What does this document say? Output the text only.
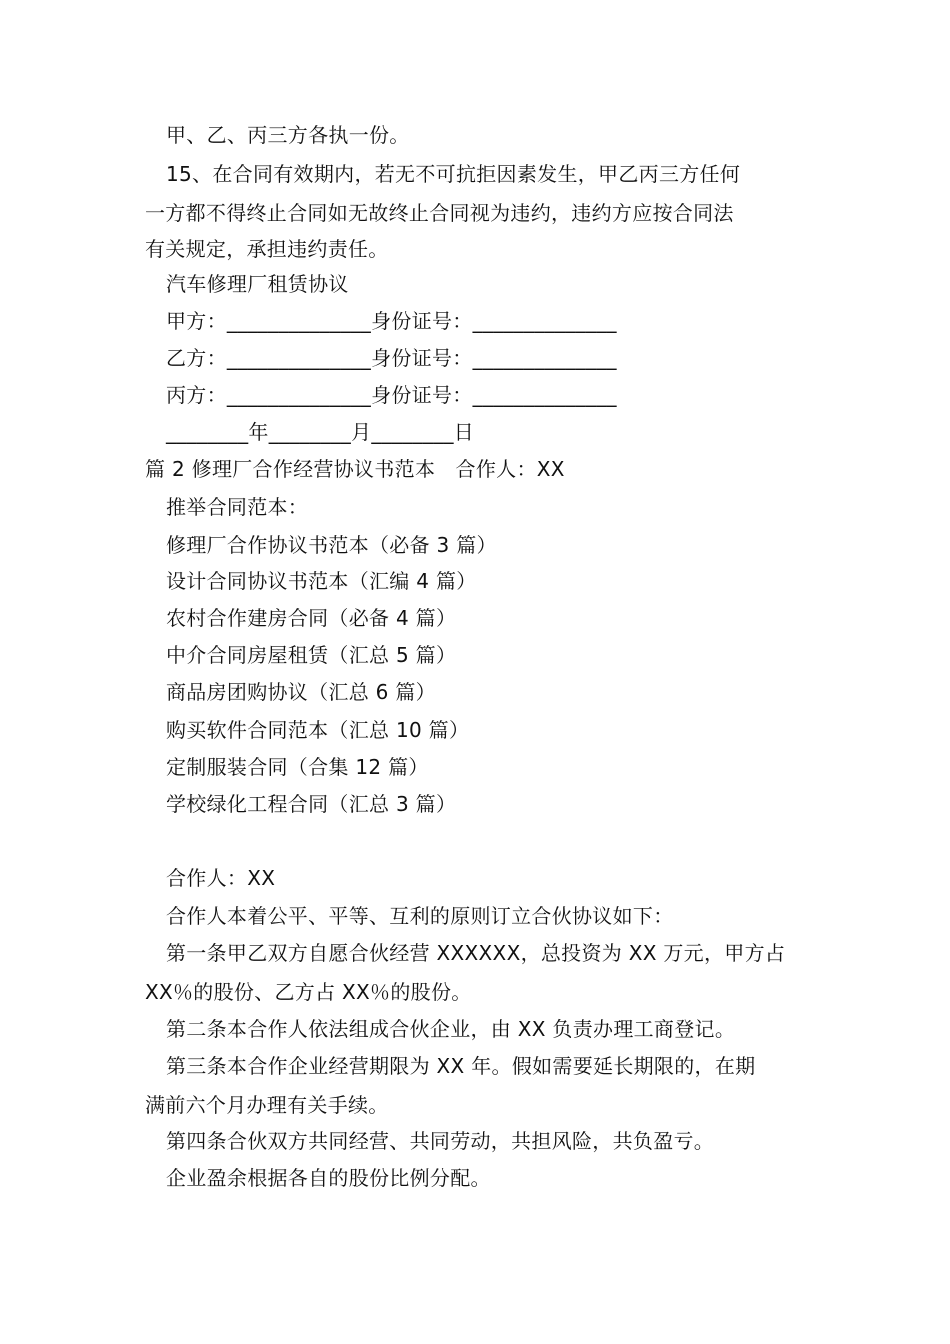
甲、乙、丙三方各执一份。
15、在合同有效期内，若无不可抗拒因素发生，甲乙丙三方任何
一方都不得终止合同如无故终止合同视为违约，违约方应按合同法
有关规定，承担违约责任。
汽车修理厂租赁协议
甲方：______________身份证号：______________
乙方：______________身份证号：______________
丙方：______________身份证号：______________
________年________月________日
篇 2 修理厂合作经营协议书范本　合作人：XX
推举合同范本：
修理厂合作协议书范本（必备 3 篇）
设计合同协议书范本（汇编 4 篇）
农村合作建房合同（必备 4 篇）
中介合同房屋租赁（汇总 5 篇）
商品房团购协议（汇总 6 篇）
购买软件合同范本（汇总 10 篇）
定制服装合同（合集 12 篇）
学校绿化工程合同（汇总 3 篇）
合作人：XX
合作人本着公平、平等、互利的原则订立合伙协议如下：
第一条甲乙双方自愿合伙经营 XXXXXX，总投资为 XX 万元，甲方占
XX％的股份、乙方占 XX％的股份。
第二条本合作人依法组成合伙企业，由 XX 负责办理工商登记。
第三条本合作企业经营期限为 XX 年。假如需要延长期限的，在期
满前六个月办理有关手续。
第四条合伙双方共同经营、共同劳动，共担风险，共负盈亏。
企业盈余根据各自的股份比例分配。
